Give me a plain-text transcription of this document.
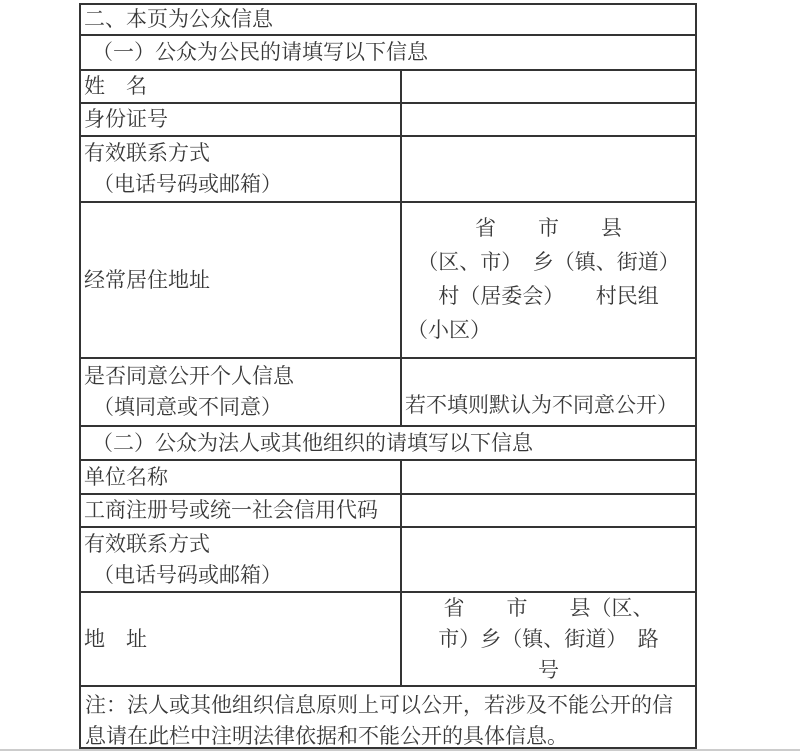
二、本页为公众信息
（一）公众为公民的请填写以下信息
姓　名
身份证号
有效联系方式
（电话号码或邮箱）
经常居住地址
省　　市　　县
（区、市）　乡（镇、街道）
村（居委会）　　村民组
（小区）
是否同意公开个人信息
（填同意或不同意）	若不填则默认为不同意公开）
（二）公众为法人或其他组织的请填写以下信息
单位名称
工商注册号或统一社会信用代码
有效联系方式
（电话号码或邮箱）
地　址
省　　市　　县（区、
市）乡（镇、街道）　路
号
注：法人或其他组织信息原则上可以公开，若涉及不能公开的信息请在此栏中注明法律依据和不能公开的具体信息。
